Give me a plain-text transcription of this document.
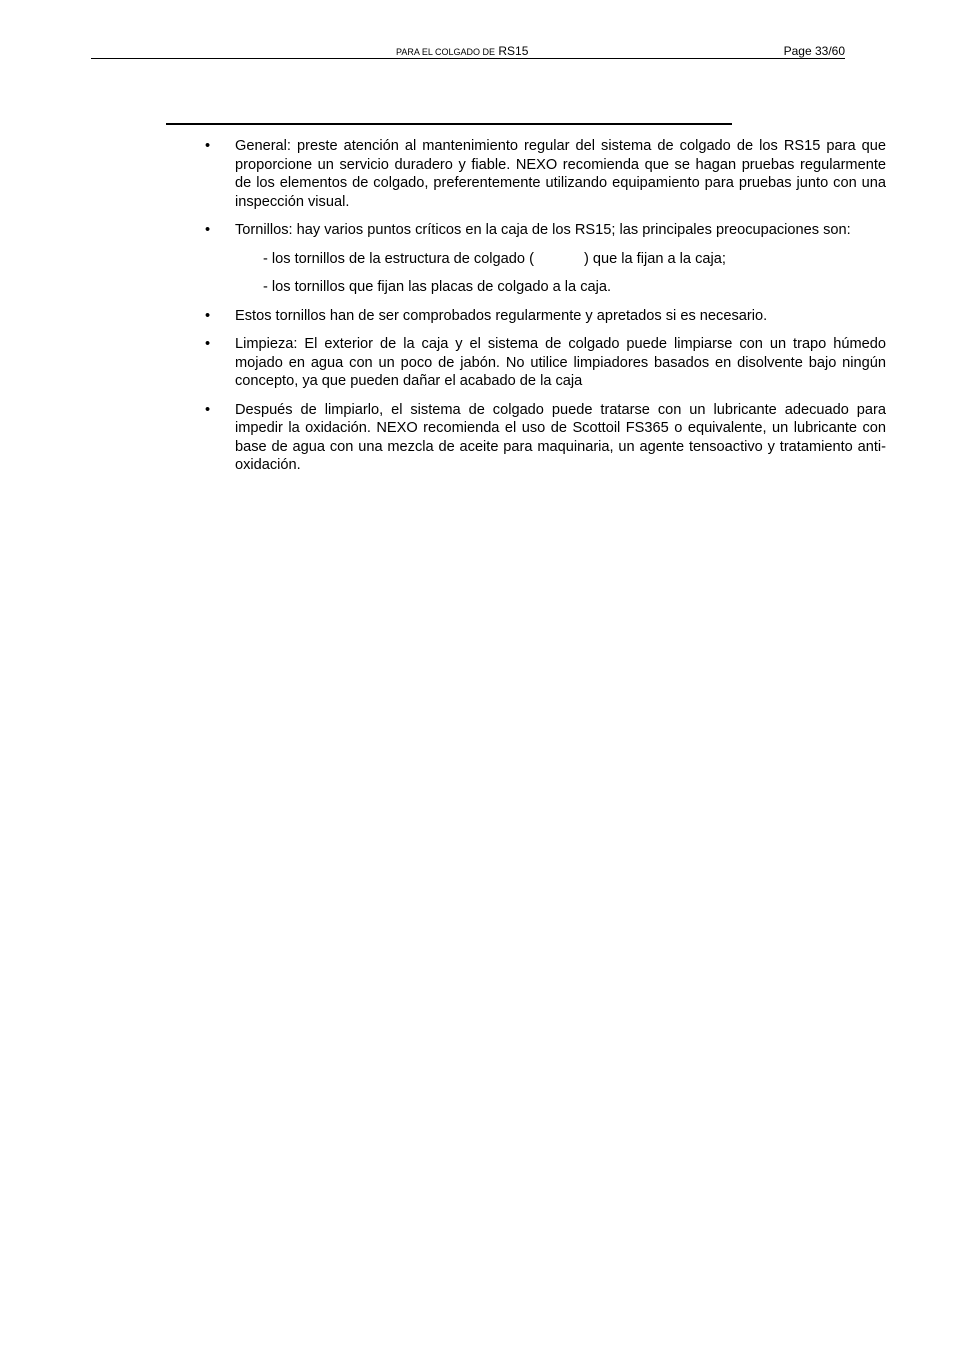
PARA EL COLGADO DE RS15	Page 33/60
•	General: preste atención al mantenimiento regular del sistema de colgado de los RS15 para que proporcione un servicio duradero y fiable. NEXO recomienda que se hagan pruebas regularmente de los elementos de colgado, preferentemente utilizando equipamiento para pruebas junto con una inspección visual.
•	Tornillos: hay varios puntos críticos en la caja de los RS15; las principales preocupaciones son:
- los tornillos de la estructura de colgado (	) que la fijan a la caja;
- los tornillos que fijan las placas de colgado a la caja.
•	Estos tornillos han de ser comprobados regularmente y apretados si es necesario.
•	Limpieza: El exterior de la caja y el sistema de colgado puede limpiarse con un trapo húmedo mojado en agua con un poco de jabón. No utilice limpiadores basados en disolvente bajo ningún concepto, ya que pueden dañar el acabado de la caja
•	Después de limpiarlo, el sistema de colgado puede tratarse con un lubricante adecuado para impedir la oxidación. NEXO recomienda el uso de Scottoil FS365 o equivalente, un lubricante con base de agua con una mezcla de aceite para maquinaria, un agente tensoactivo y tratamiento anti-oxidación.
